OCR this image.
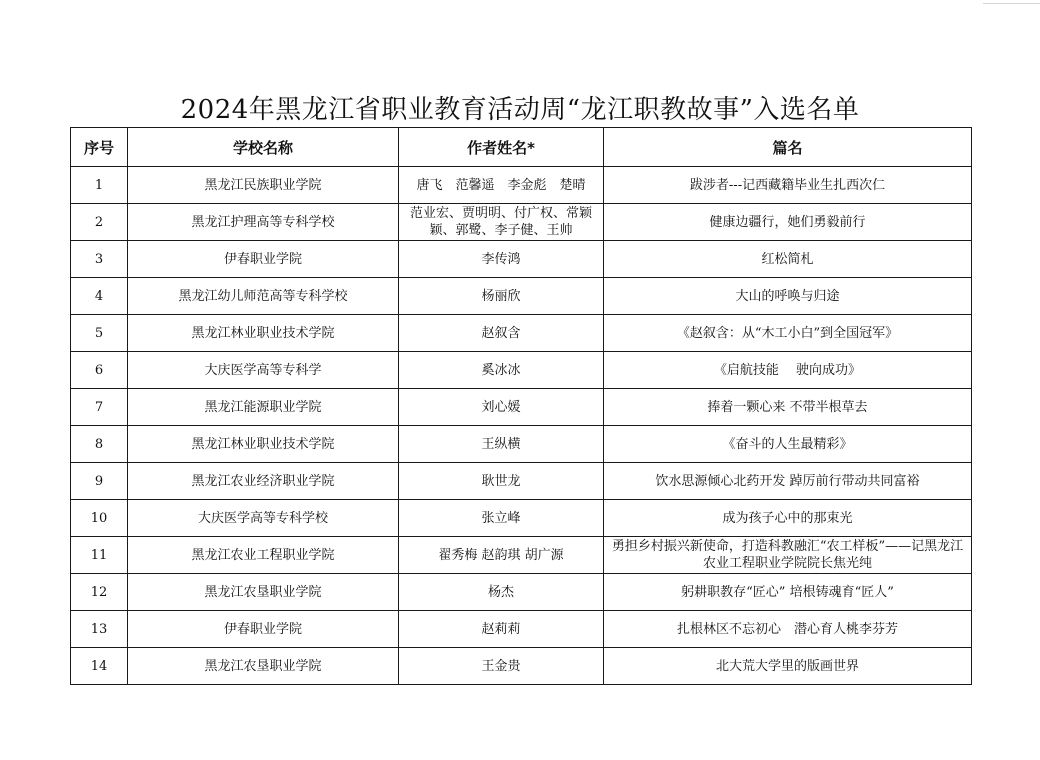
2024年黑龙江省职业教育活动周“龙江职教故事”入选名单
序号	学校名称	作者姓名*	篇名
1	黑龙江民族职业学院	唐飞　范馨遥　李金彪　楚晴	跋涉者---记西藏籍毕业生扎西次仁
2	黑龙江护理高等专科学校	范业宏、贾明明、付广权、常颖颖、郭鹭、李子健、王帅	健康边疆行，她们勇毅前行
3	伊春职业学院	李传鸿	红松简札
4	黑龙江幼儿师范高等专科学校	杨丽欣	大山的呼唤与归途
5	黑龙江林业职业技术学院	赵叙含	《赵叙含：从“木工小白”到全国冠军》
6	大庆医学高等专科学	奚冰冰	《启航技能　 驶向成功》
7	黑龙江能源职业学院	刘心媛	捧着一颗心来 不带半根草去
8	黑龙江林业职业技术学院	王纵横	《奋斗的人生最精彩》
9	黑龙江农业经济职业学院	耿世龙	饮水思源倾心北药开发 踔厉前行带动共同富裕
10	大庆医学高等专科学校	张立峰	成为孩子心中的那束光
11	黑龙江农业工程职业学院	翟秀梅 赵韵琪 胡广源	勇担乡村振兴新使命，打造科教融汇“农工样板”——记黑龙江农业工程职业学院院长焦光纯
12	黑龙江农垦职业学院	杨杰	躬耕职教存“匠心” 培根铸魂育“匠人”
13	伊春职业学院	赵莉莉	扎根林区不忘初心　潜心育人桃李芬芳
14	黑龙江农垦职业学院	王金贵	北大荒大学里的版画世界
